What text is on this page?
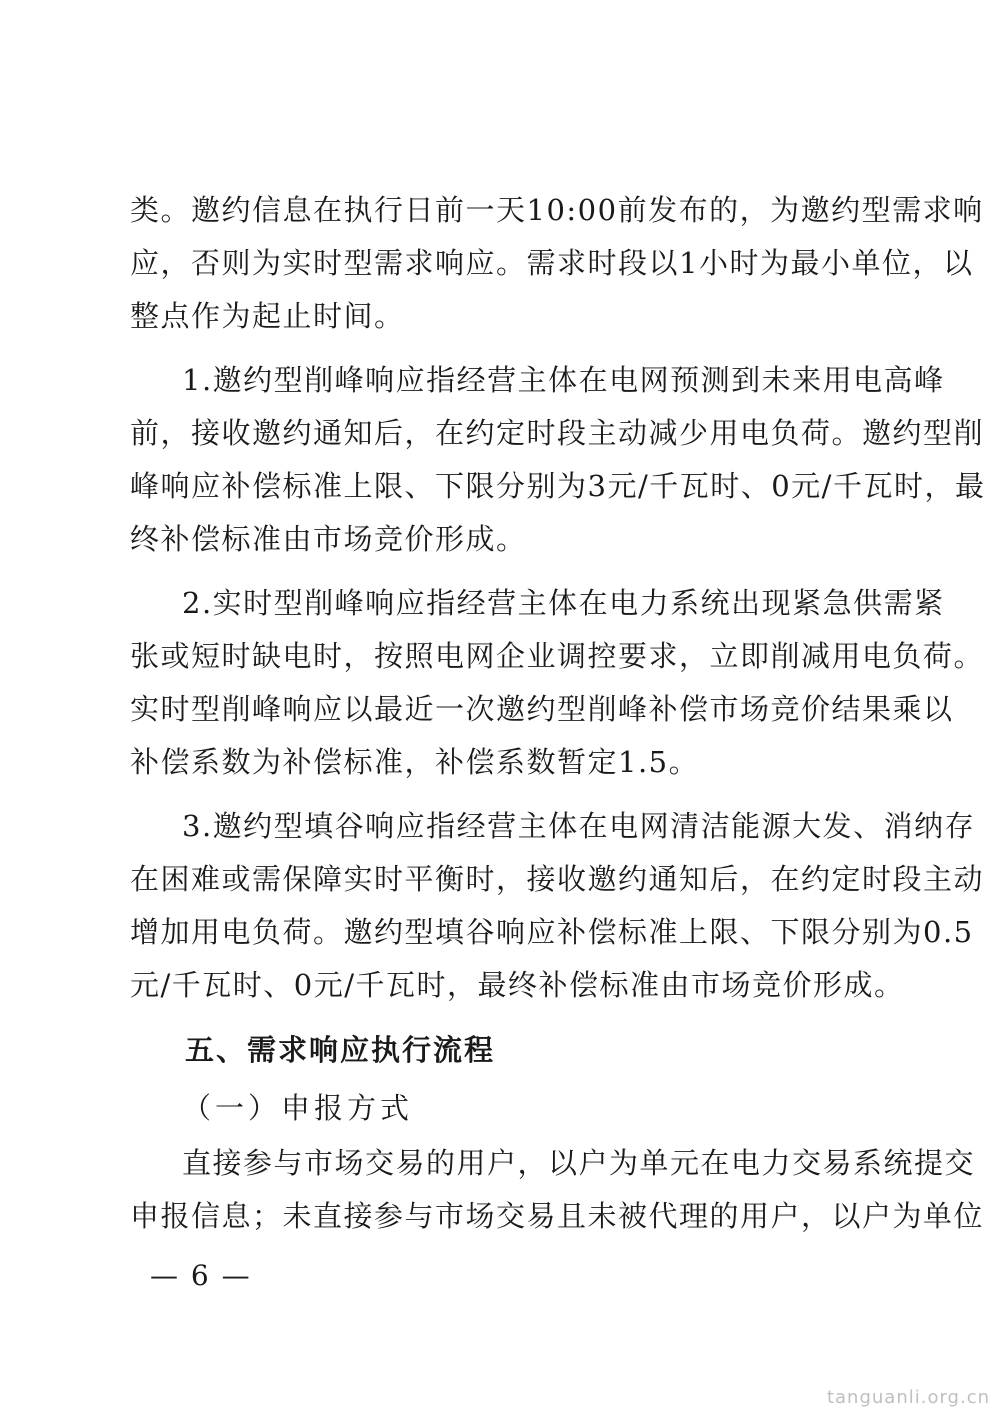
类。邀约信息在执行日前一天10:00前发布的，为邀约型需求响
应，否则为实时型需求响应。需求时段以1小时为最小单位，以
整点作为起止时间。
1.邀约型削峰响应指经营主体在电网预测到未来用电高峰
前，接收邀约通知后，在约定时段主动减少用电负荷。邀约型削
峰响应补偿标准上限、下限分别为3元/千瓦时、0元/千瓦时，最
终补偿标准由市场竞价形成。
2.实时型削峰响应指经营主体在电力系统出现紧急供需紧
张或短时缺电时，按照电网企业调控要求，立即削减用电负荷。
实时型削峰响应以最近一次邀约型削峰补偿市场竞价结果乘以
补偿系数为补偿标准，补偿系数暂定1.5。
3.邀约型填谷响应指经营主体在电网清洁能源大发、消纳存
在困难或需保障实时平衡时，接收邀约通知后，在约定时段主动
增加用电负荷。邀约型填谷响应补偿标准上限、下限分别为0.5
元/千瓦时、0元/千瓦时，最终补偿标准由市场竞价形成。
五、需求响应执行流程
（一）申报方式
直接参与市场交易的用户，以户为单元在电力交易系统提交
申报信息；未直接参与市场交易且未被代理的用户，以户为单位
— 6 —
tanguanli.org.cn
